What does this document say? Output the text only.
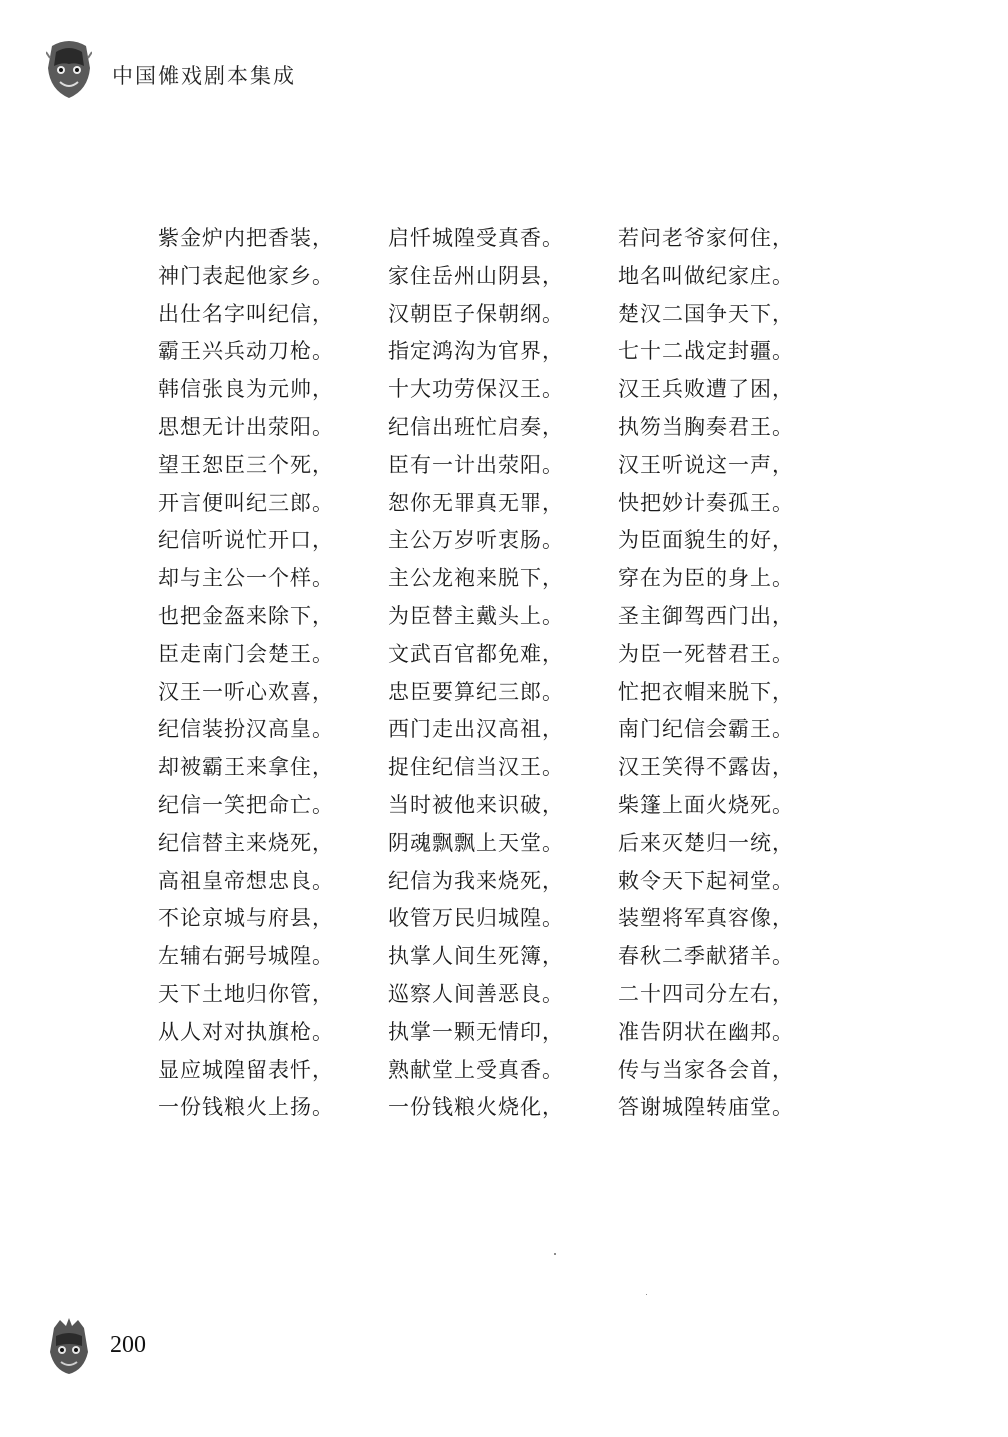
中国傩戏剧本集成
紫金炉内把香装，	启忏城隍受真香。	若问老爷家何住，
神门表起他家乡。	家住岳州山阴县，	地名叫做纪家庄。
出仕名字叫纪信，	汉朝臣子保朝纲。	楚汉二国争天下，
霸王兴兵动刀枪。	指定鸿沟为官界，	七十二战定封疆。
韩信张良为元帅，	十大功劳保汉王。	汉王兵败遭了困，
思想无计出荥阳。	纪信出班忙启奏，	执笏当胸奏君王。
望王恕臣三个死，	臣有一计出荥阳。	汉王听说这一声，
开言便叫纪三郎。	恕你无罪真无罪，	快把妙计奏孤王。
纪信听说忙开口，	主公万岁听衷肠。	为臣面貌生的好，
却与主公一个样。	主公龙袍来脱下，	穿在为臣的身上。
也把金盔来除下，	为臣替主戴头上。	圣主御驾西门出，
臣走南门会楚王。	文武百官都免难，	为臣一死替君王。
汉王一听心欢喜，	忠臣要算纪三郎。	忙把衣帽来脱下，
纪信装扮汉高皇。	西门走出汉高祖，	南门纪信会霸王。
却被霸王来拿住，	捉住纪信当汉王。	汉王笑得不露齿，
纪信一笑把命亡。	当时被他来识破，	柴篷上面火烧死。
纪信替主来烧死，	阴魂飘飘上天堂。	后来灭楚归一统，
高祖皇帝想忠良。	纪信为我来烧死，	敕令天下起祠堂。
不论京城与府县，	收管万民归城隍。	装塑将军真容像，
左辅右弼号城隍。	执掌人间生死簿，	春秋二季献猪羊。
天下土地归你管，	巡察人间善恶良。	二十四司分左右，
从人对对执旗枪。	执掌一颗无情印，	准告阴状在幽邦。
显应城隍留表忏，	熟献堂上受真香。	传与当家各会首，
一份钱粮火上扬。	一份钱粮火烧化，	答谢城隍转庙堂。
200
